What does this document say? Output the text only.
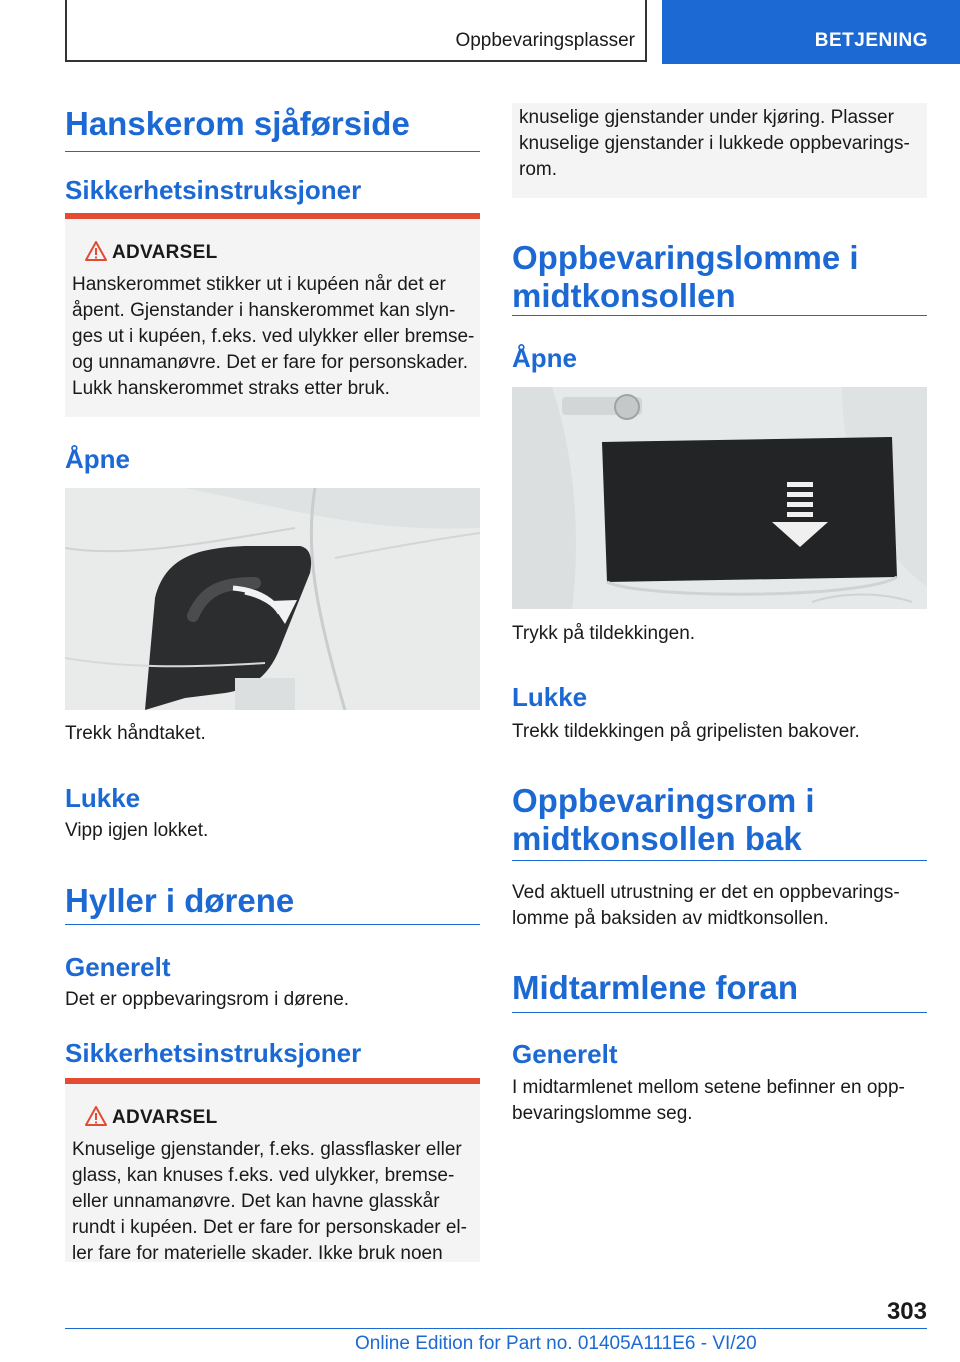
Oppbevaringsplasser	BETJENING
Hanskerom sjåførside
Sikkerhetsinstruksjoner
ADVARSEL

Hanskerommet stikker ut i kupéen når det er

åpent. Gjenstander i hanskerommet kan slyn‐

ges ut i kupéen, f.eks. ved ulykker eller bremse‐

og unnamanøvre. Det er fare for personskader.

Lukk hanskerommet straks etter bruk.

Åpne

Trekk håndtaket.

Lukke

Vipp igjen lokket.

Hyller i dørene
Generelt

Det er oppbevaringsrom i dørene.

Sikkerhetsinstruksjoner
ADVARSEL

Knuselige gjenstander, f.eks. glassflasker eller

glass, kan knuses f.eks. ved ulykker, bremse‐

eller unnamanøvre. Det kan havne glasskår

rundt i kupéen. Det er fare for personskader el‐

ler fare for materielle skader. Ikke bruk noen

knuselige gjenstander under kjøring. Plasser

knuselige gjenstander i lukkede oppbevarings‐

rom.

Oppbevaringslomme i
midtkonsollen
Åpne

Trykk på tildekkingen.

Lukke

Trekk tildekkingen på gripelisten bakover.

Oppbevaringsrom i
midtkonsollen bak

Ved aktuell utrustning er det en oppbevarings‐

lomme på baksiden av midtkonsollen.

Midtarmlene foran
Generelt

I midtarmlenet mellom setene befinner en opp‐

bevaringslomme seg.

303
Online Edition for Part no. 01405A111E6 - VI/20
